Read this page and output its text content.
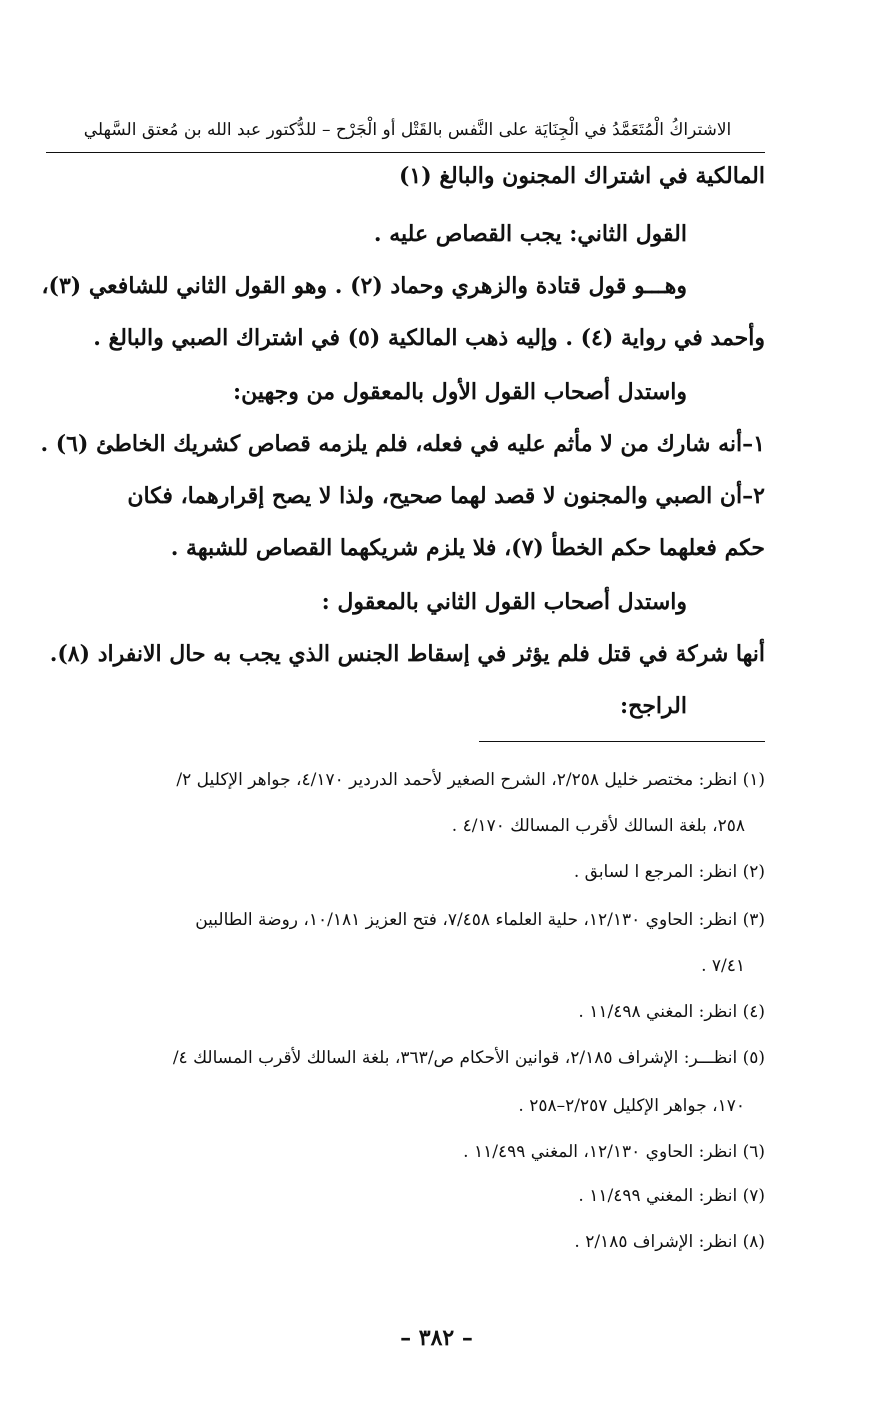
الاشتراكُ الْمُتَعَمَّدُ في الْجِنَايَة على النَّفس بالقَتْل أو الْجَرْح – للدُّكتور عبد الله بن مُعتق السَّهلي
المالكية في اشتراك المجنون والبالغ (١)
القول الثاني: يجب القصاص عليه .
وهـــو قول قتادة والزهري وحماد (٢) . وهو القول الثاني للشافعي (٣)،
وأحمد في رواية (٤) . وإليه ذهب المالكية (٥) في اشتراك الصبي والبالغ .
واستدل أصحاب القول الأول بالمعقول من وجهين:
١–أنه شارك من لا مأثم عليه في فعله، فلم يلزمه قصاص كشريك الخاطئ (٦) .
٢–أن الصبي والمجنون لا قصد لهما صحيح، ولذا لا يصح إقرارهما، فكان
حكم فعلهما حكم الخطأ (٧)، فلا يلزم شريكهما القصاص للشبهة .
واستدل أصحاب القول الثاني بالمعقول :
أنها شركة في قتل فلم يؤثر في إسقاط الجنس الذي يجب به حال الانفراد (٨).
الراجح:
(١) انظر: مختصر خليل ٢/٢٥٨، الشرح الصغير لأحمد الدردير ٤/١٧٠، جواهر الإكليل ٢/
٢٥٨، بلغة السالك لأقرب المسالك ٤/١٧٠ .
(٢) انظر: المرجع ا لسابق .
(٣) انظر: الحاوي ١٢/١٣٠، حلية العلماء ٧/٤٥٨، فتح العزيز ١٠/١٨١، روضة الطالبين
٧/٤١ .
(٤) انظر: المغني ١١/٤٩٨ .
(٥) انظـــر: الإشراف ٢/١٨٥، قوانين الأحكام ص/٣٦٣، بلغة السالك لأقرب المسالك ٤/
١٧٠، جواهر الإكليل ٢/٢٥٧–٢٥٨ .
(٦) انظر: الحاوي ١٢/١٣٠، المغني ١١/٤٩٩ .
(٧) انظر: المغني ١١/٤٩٩ .
(٨) انظر: الإشراف ٢/١٨٥ .
– ٣٨٢ –
